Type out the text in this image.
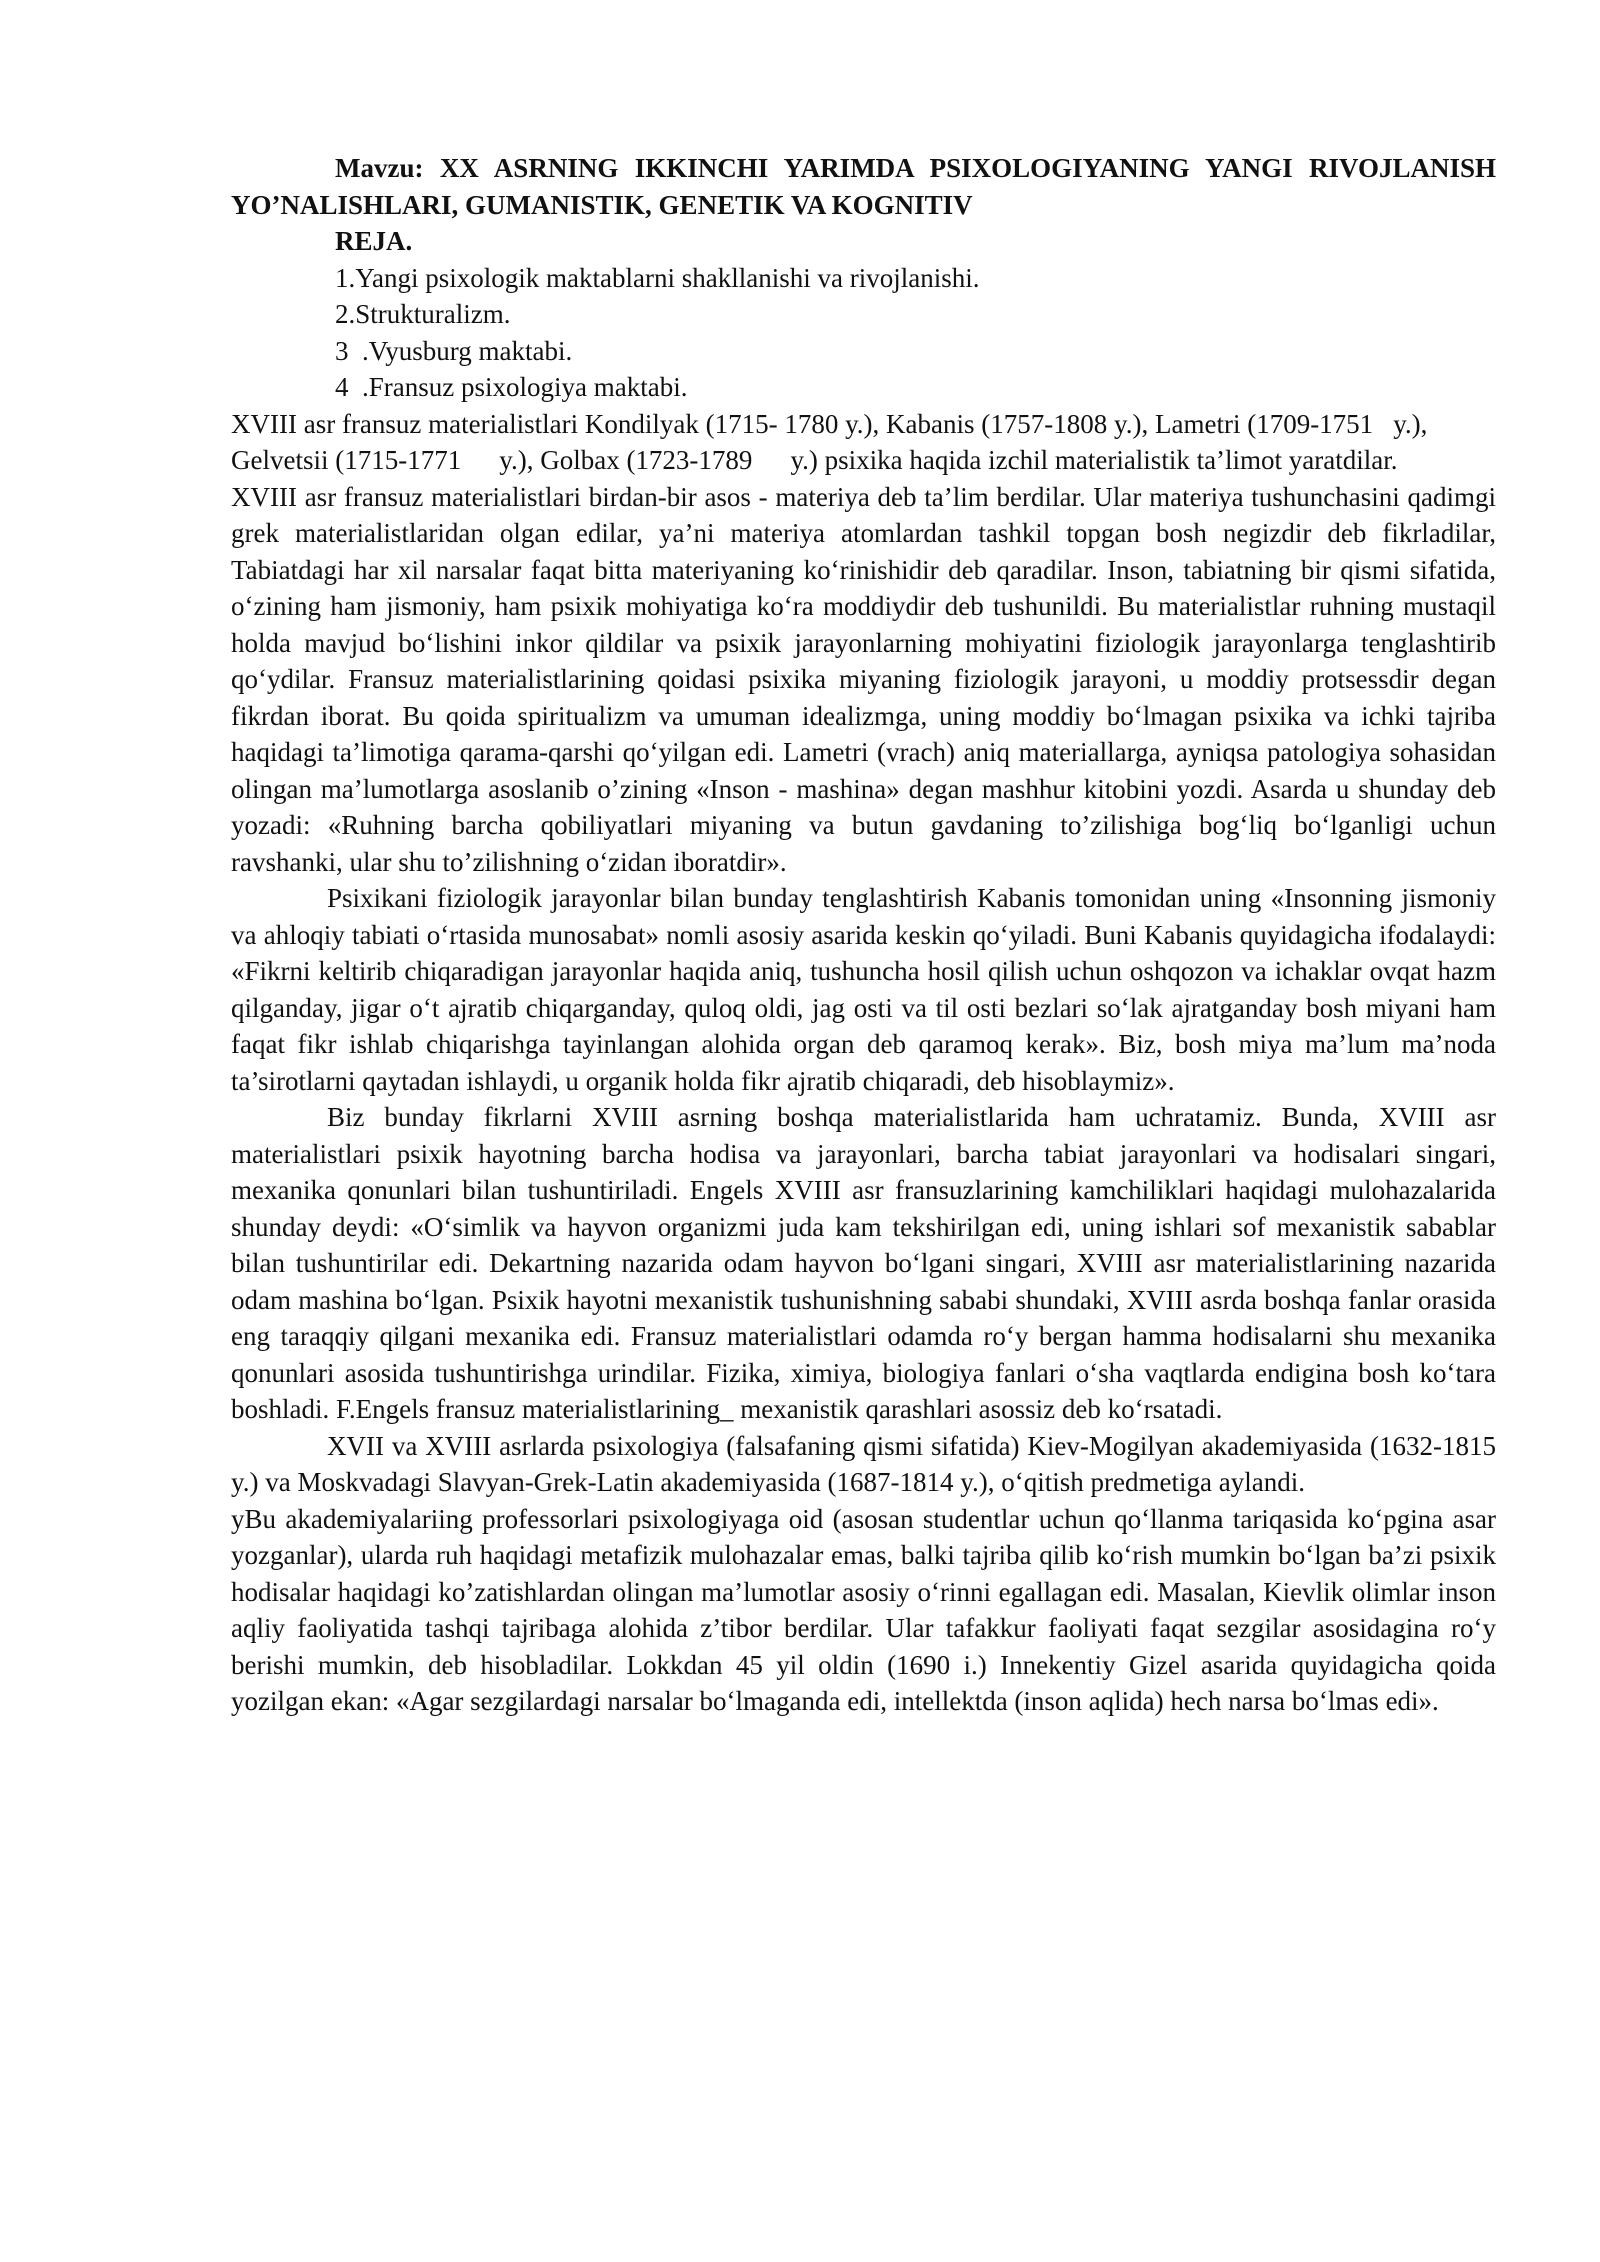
Mavzu: XX ASRNING IKKINCHI YARIMDA PSIXOLOGIYANING YANGI RIVOJLANISH YO’NALISHLARI, GUMANISTIK, GENETIK VA KOGNITIV

REJA.

1.Yangi psixologik maktablarni shakllanishi va rivojlanishi.

2.Strukturalizm.

3  .Vyusburg maktabi.

4  .Fransuz psixologiya maktabi.

XVIII asr fransuz materialistlari Kondilyak (1715- 1780 y.), Kabanis (1757-1808 y.), Lametri (1709-1751 y.), Gelvetsii (1715-1771 y.), Golbax (1723-1789 y.) psixika haqida izchil materialistik ta’limot yaratdilar.

XVIII asr fransuz materialistlari birdan-bir asos - materiya deb ta’lim berdilar. Ular materiya tushunchasini qadimgi grek materialistlaridan olgan edilar, ya’ni materiya atomlardan tashkil topgan bosh negizdir deb fikrladilar, Tabiatdagi har xil narsalar faqat bitta materiyaning ko‘rinishidir deb qaradilar. Inson, tabiatning bir qismi sifatida, o‘zining ham jismoniy, ham psixik mohiyatiga ko‘ra moddiydir deb tushunildi. Bu materialistlar ruhning mustaqil holda mavjud bo‘lishini inkor qildilar va psixik jarayonlarning mohiyatini fiziologik jarayonlarga tenglashtirib qo‘ydilar. Fransuz materialistlarining qoidasi psixika miyaning fiziologik jarayoni, u moddiy protsessdir degan fikrdan iborat. Bu qoida spiritualizm va umuman idealizmga, uning moddiy bo‘lmagan psixika va ichki tajriba haqidagi ta’limotiga qarama-qarshi qo‘yilgan edi. Lametri (vrach) aniq materiallarga, ayniqsa patologiya sohasidan olingan ma’lumotlarga asoslanib o’zining «Inson - mashina» degan mashhur kitobini yozdi. Asarda u shunday deb yozadi: «Ruhning barcha qobiliyatlari miyaning va butun gavdaning to’zilishiga bog‘liq bo‘lganligi uchun ravshanki, ular shu to’zilishning o‘zidan iboratdir».

Psixikani fiziologik jarayonlar bilan bunday tenglashtirish Kabanis tomonidan uning «Insonning jismoniy va ahloqiy tabiati o‘rtasida munosabat» nomli asosiy asarida keskin qo‘yiladi. Buni Kabanis quyidagicha ifodalaydi: «Fikrni keltirib chiqaradigan jarayonlar haqida aniq, tushuncha hosil qilish uchun oshqozon va ichaklar ovqat hazm qilganday, jigar o‘t ajratib chiqarganday, quloq oldi, jag osti va til osti bezlari so‘lak ajratganday bosh miyani ham faqat fikr ishlab chiqarishga tayinlangan alohida organ deb qaramoq kerak». Biz, bosh miya ma’lum ma’noda ta’sirotlarni qaytadan ishlaydi, u organik holda fikr ajratib chiqaradi, deb hisoblaymiz».

Biz bunday fikrlarni XVIII asrning boshqa materialistlarida ham uchratamiz. Bunda, XVIII asr materialistlari psixik hayotning barcha hodisa va jarayonlari, barcha tabiat jarayonlari va hodisalari singari, mexanika qonunlari bilan tushuntiriladi. Engels XVIII asr fransuzlarining kamchiliklari haqidagi mulohazalarida shunday deydi: «O‘simlik va hayvon organizmi juda kam tekshirilgan edi, uning ishlari sof mexanistik sabablar bilan tushuntirilar edi. Dekartning nazarida odam hayvon bo‘lgani singari, XVIII asr materialistlarining nazarida odam mashina bo‘lgan. Psixik hayotni mexanistik tushunishning sababi shundaki, XVIII asrda boshqa fanlar orasida eng taraqqiy qilgani mexanika edi. Fransuz materialistlari odamda ro‘y bergan hamma hodisalarni shu mexanika qonunlari asosida tushuntirishga urindilar. Fizika, ximiya, biologiya fanlari o‘sha vaqtlarda endigina bosh ko‘tara boshladi. F.Engels fransuz materialistlarining_ mexanistik qarashlari asossiz deb ko‘rsatadi.

XVII va XVIII asrlarda psixologiya (falsafaning qismi sifatida) Kiev-Mogilyan akademiyasida (1632-1815 y.) va Moskvadagi Slavyan-Grek-Latin akademiyasida (1687-1814 y.), o‘qitish predmetiga aylandi.

yBu akademiyalariing professorlari psixologiyaga oid (asosan studentlar uchun qo‘llanma tariqasida ko‘pgina asar yozganlar), ularda ruh haqidagi metafizik mulohazalar emas, balki tajriba qilib ko‘rish mumkin bo‘lgan ba’zi psixik hodisalar haqidagi ko’zatishlardan olingan ma’lumotlar asosiy o‘rinni egallagan edi. Masalan, Kievlik olimlar inson aqliy faoliyatida tashqi tajribaga alohida z’tibor berdilar. Ular tafakkur faoliyati faqat sezgilar asosidagina ro‘y berishi mumkin, deb hisobladilar. Lokkdan 45 yil oldin (1690 i.) Innekentiy Gizel asarida quyidagicha qoida yozilgan ekan: «Agar sezgilardagi narsalar bo‘lmaganda edi, intellektda (inson aqlida) hech narsa bo‘lmas edi».
